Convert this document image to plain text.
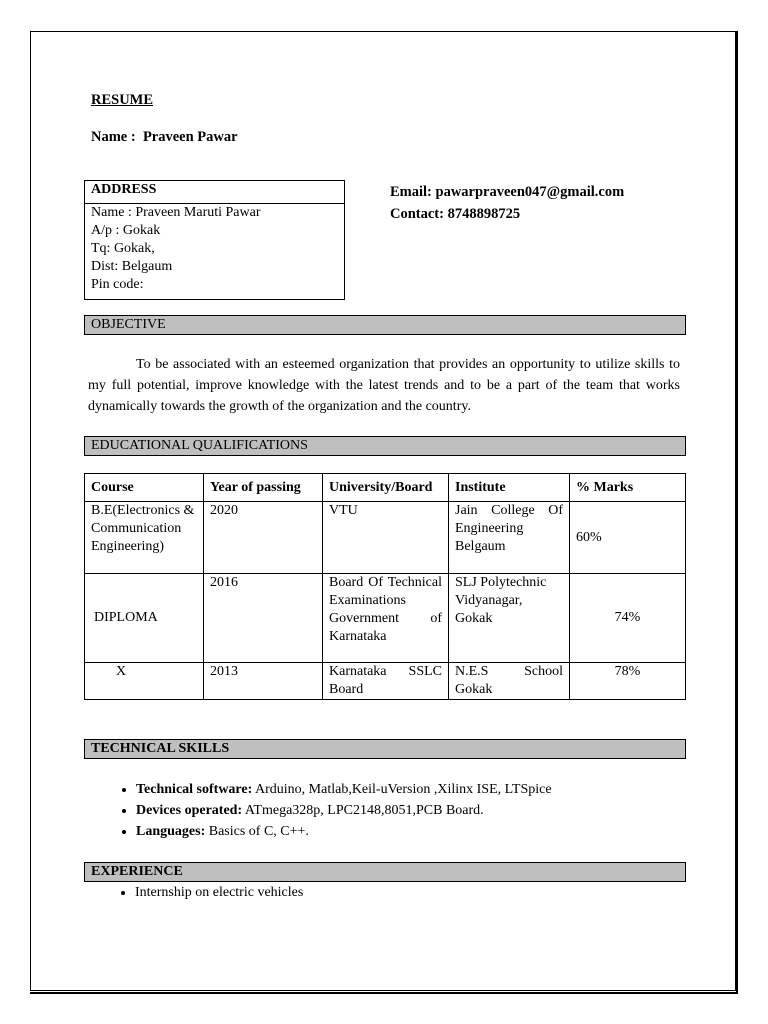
RESUME
Name : Praveen Pawar
ADDRESS
Name : Praveen Maruti Pawar
A/p : Gokak
Tq: Gokak,
Dist: Belgaum
Pin code:
Email: pawarpraveen047@gmail.com
Contact: 8748898725
OBJECTIVE

To be associated with an esteemed organization that provides an opportunity to utilize skills to my full potential, improve knowledge with the latest trends and to be a part of the team that works dynamically towards the growth of the organization and the country.

EDUCATIONAL QUALIFICATIONS
Course	Year of passing	University/Board	Institute	% Marks
B.E(Electronics & Communication Engineering)	2020	VTU	Jain College Of Engineering Belgaum	60%
DIPLOMA	2016	Board Of Technical Examinations Government of Karnataka	SLJ Polytechnic Vidyanagar, Gokak	74%
X	2013	Karnataka SSLC Board	N.E.S School Gokak	78%
TECHNICAL SKILLS
• Technical software: Arduino, Matlab,Keil-uVersion ,Xilinx ISE, LTSpice
• Devices operated: ATmega328p, LPC2148,8051,PCB Board.
• Languages: Basics of C, C++.
EXPERIENCE
• Internship on electric vehicles
